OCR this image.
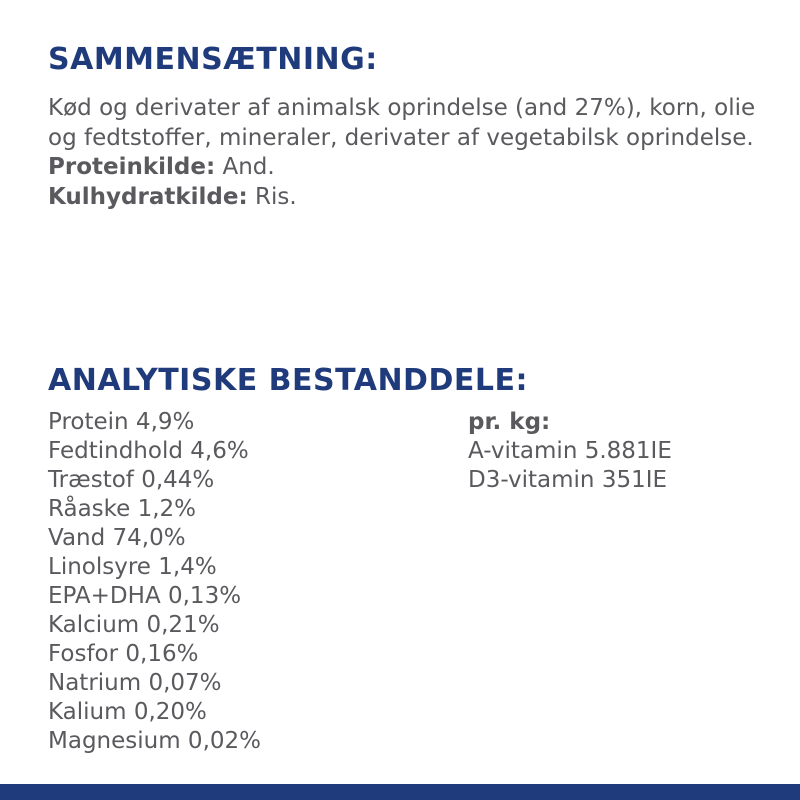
SAMMENSÆTNING:

Kød og derivater af animalsk oprindelse (and 27%), korn, olie og fedtstoffer, mineraler, derivater af vegetabilsk oprindelse.

Proteinkilde: And.

Kulhydratkilde: Ris.

ANALYTISKE BESTANDDELE:
Protein 4,9%
Fedtindhold 4,6%
Træstof 0,44%
Råaske 1,2%
Vand 74,0%
Linolsyre 1,4%
EPA+DHA 0,13%
Kalcium 0,21%
Fosfor 0,16%
Natrium 0,07%
Kalium 0,20%
Magnesium 0,02%
pr. kg:
A-vitamin 5.881IE
D3-vitamin 351IE
